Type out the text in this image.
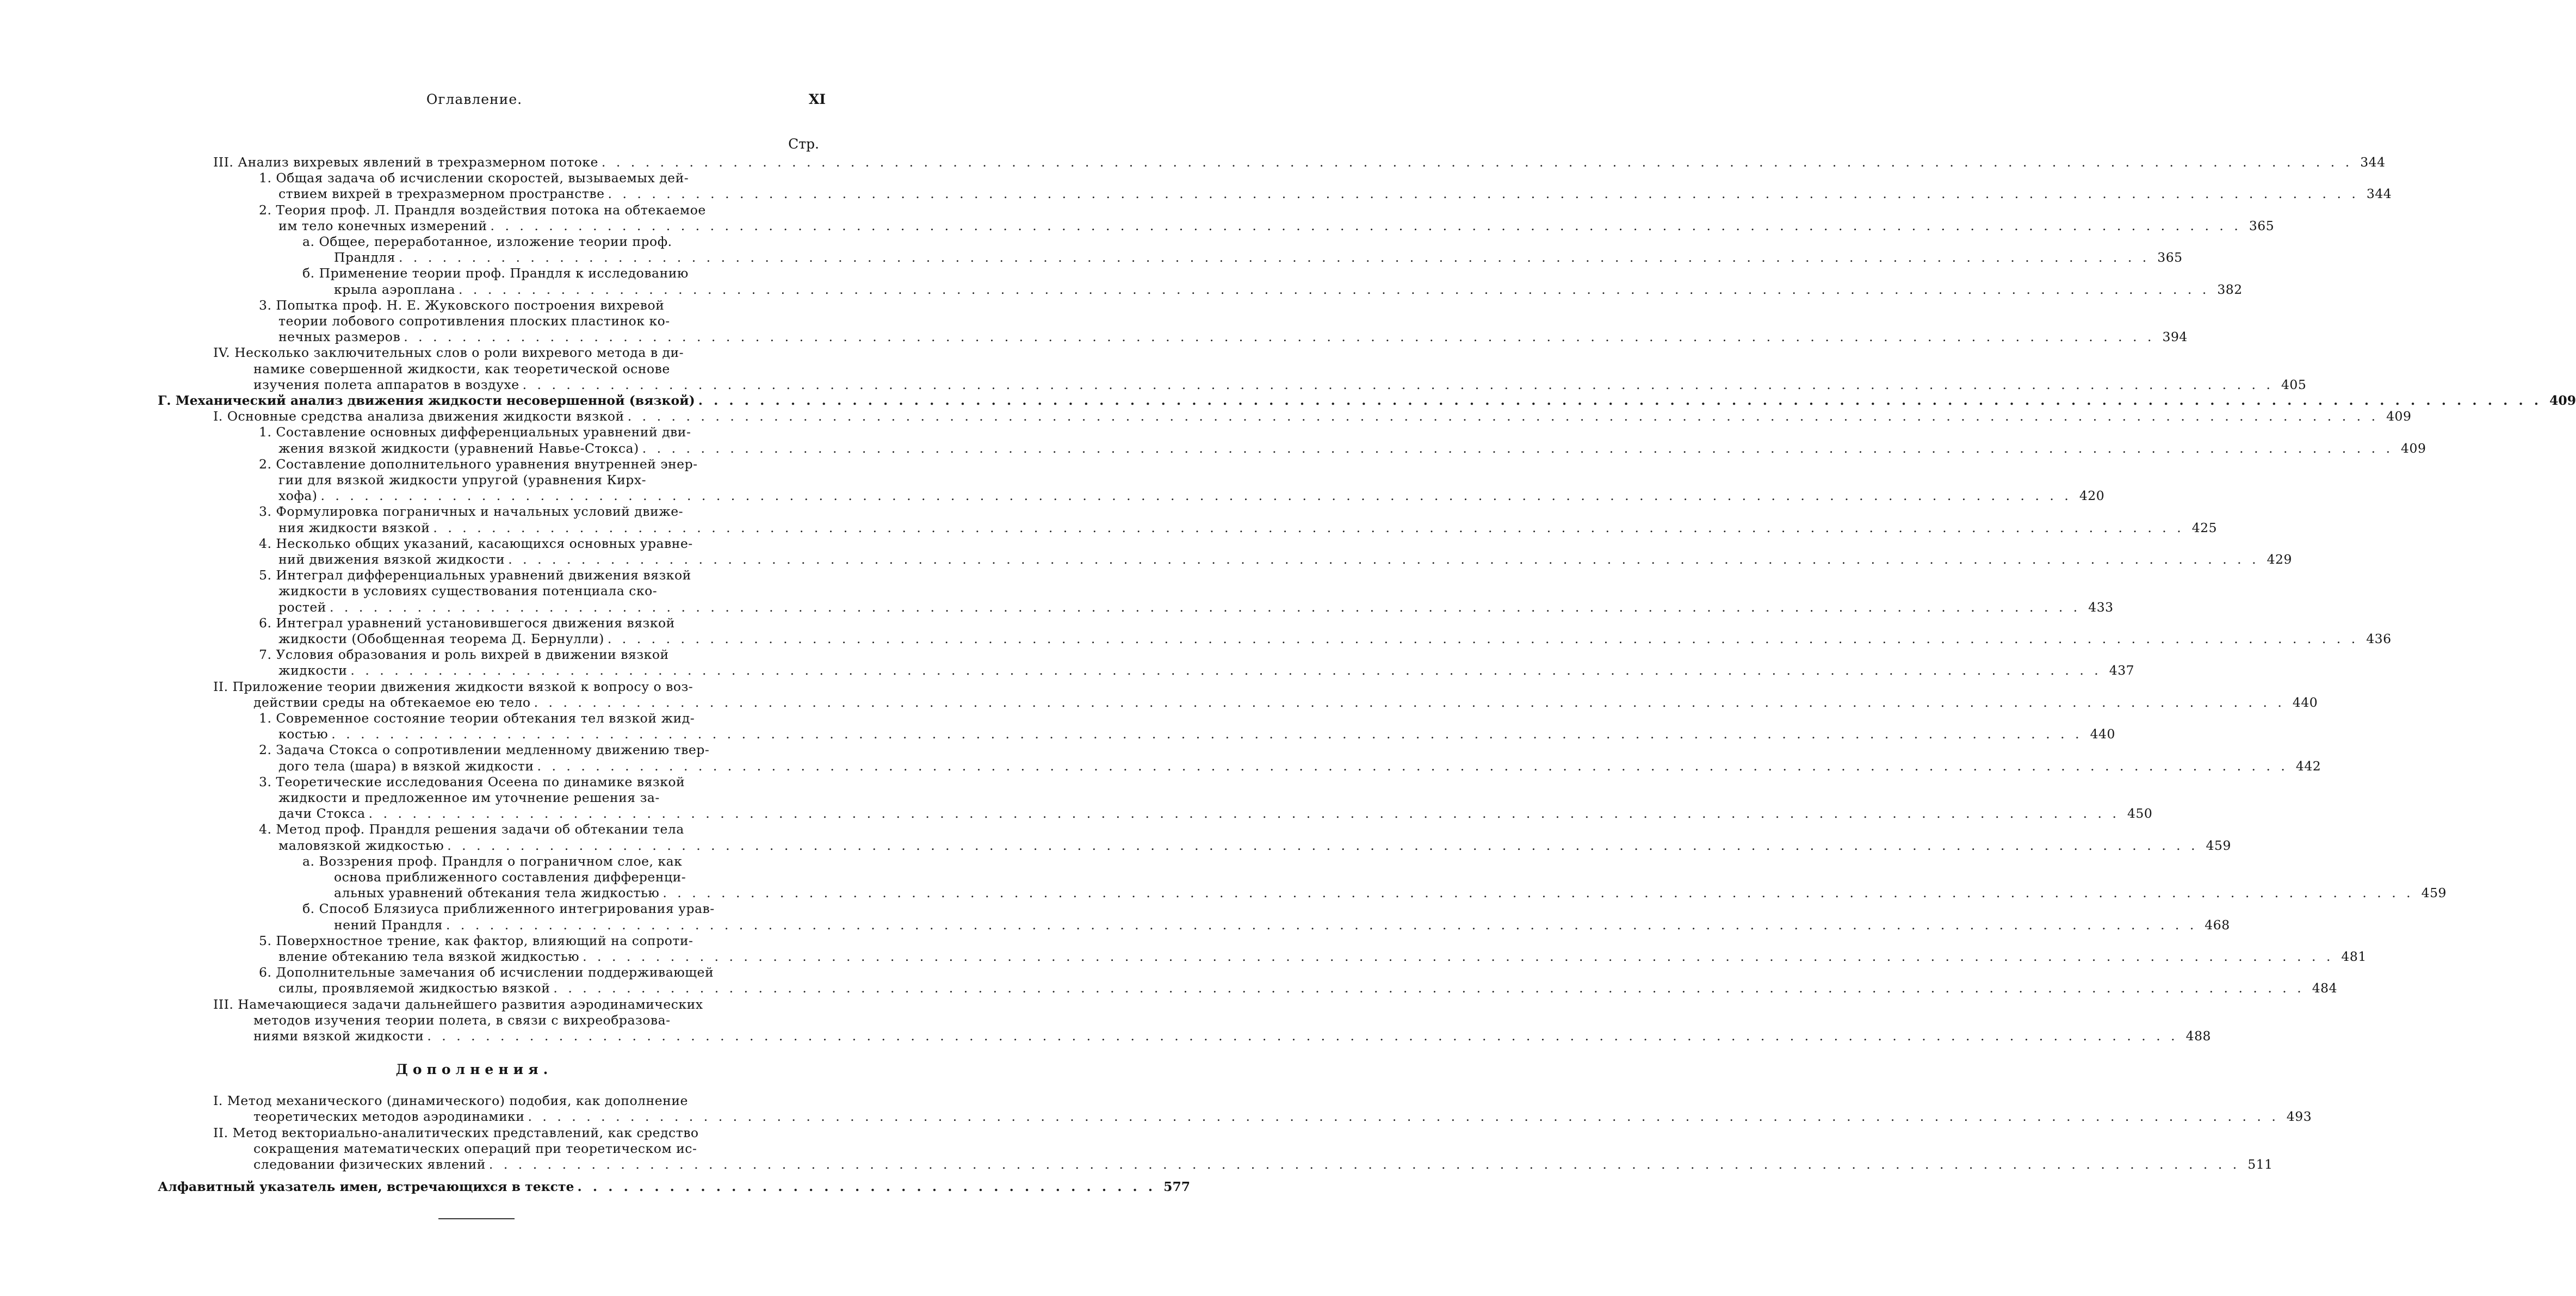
Оглавление.	XI
Стр.
III. Анализ вихревых явлений в трехразмерном потоке . . . . . . . . . . . . . . . . . . . . . . . . . . . . . . . . . . . . . . . . . . . . . . . . . . . . . . . . . . . . . . . . . . . . . . . . . . . . . . . . . . . . . . . . . . . . . . . . . . . . . . . . . . . . . . . . . . . . . . . . 344
1. Общая задача об исчислении скоростей, вызываемых дей-
ствием вихрей в трехразмерном пространстве . . . . . . . . . . . . . . . . . . . . . . . . . . . . . . . . . . . . . . . . . . . . . . . . . . . . . . . . . . . . . . . . . . . . . . . . . . . . . . . . . . . . . . . . . . . . . . . . . . . . . . . . . . . . . . . . . . . . . . . . 344
2. Теория проф. Л. Прандля воздействия потока на обтекаемое
им тело конечных измерений . . . . . . . . . . . . . . . . . . . . . . . . . . . . . . . . . . . . . . . . . . . . . . . . . . . . . . . . . . . . . . . . . . . . . . . . . . . . . . . . . . . . . . . . . . . . . . . . . . . . . . . . . . . . . . . . . . . . . . . . 365
а. Общее, переработанное, изложение теории проф.
Прандля . . . . . . . . . . . . . . . . . . . . . . . . . . . . . . . . . . . . . . . . . . . . . . . . . . . . . . . . . . . . . . . . . . . . . . . . . . . . . . . . . . . . . . . . . . . . . . . . . . . . . . . . . . . . . . . . . . . . . . . . 365
б. Применение теории проф. Прандля к исследованию
крыла аэроплана . . . . . . . . . . . . . . . . . . . . . . . . . . . . . . . . . . . . . . . . . . . . . . . . . . . . . . . . . . . . . . . . . . . . . . . . . . . . . . . . . . . . . . . . . . . . . . . . . . . . . . . . . . . . . . . . . . . . . . . . 382
3. Попытка проф. Н. Е. Жуковского построения вихревой
теории лобового сопротивления плоских пластинок ко-
нечных размеров . . . . . . . . . . . . . . . . . . . . . . . . . . . . . . . . . . . . . . . . . . . . . . . . . . . . . . . . . . . . . . . . . . . . . . . . . . . . . . . . . . . . . . . . . . . . . . . . . . . . . . . . . . . . . . . . . . . . . . . . 394
IV. Несколько заключительных слов о роли вихревого метода в ди-
намике совершенной жидкости, как теоретической основе
изучения полета аппаратов в воздухе . . . . . . . . . . . . . . . . . . . . . . . . . . . . . . . . . . . . . . . . . . . . . . . . . . . . . . . . . . . . . . . . . . . . . . . . . . . . . . . . . . . . . . . . . . . . . . . . . . . . . . . . . . . . . . . . . . . . . . . . 405
Г. Механический анализ движения жидкости несовершенной (вязкой) . . . . . . . . . . . . . . . . . . . . . . . . . . . . . . . . . . . . . . . . . . . . . . . . . . . . . . . . . . . . . . . . . . . . . . . . . . . . . . . . . . . . . . . . . . . . . . . . . . . . . . . . . . . . . . . . . . . . . . . . 409
I. Основные средства анализа движения жидкости вязкой . . . . . . . . . . . . . . . . . . . . . . . . . . . . . . . . . . . . . . . . . . . . . . . . . . . . . . . . . . . . . . . . . . . . . . . . . . . . . . . . . . . . . . . . . . . . . . . . . . . . . . . . . . . . . . . . . . . . . . . . 409
1. Составление основных дифференциальных уравнений дви-
жения вязкой жидкости (уравнений Навье-Стокса) . . . . . . . . . . . . . . . . . . . . . . . . . . . . . . . . . . . . . . . . . . . . . . . . . . . . . . . . . . . . . . . . . . . . . . . . . . . . . . . . . . . . . . . . . . . . . . . . . . . . . . . . . . . . . . . . . . . . . . . . 409
2. Составление дополнительного уравнения внутренней энер-
гии для вязкой жидкости упругой (уравнения Кирх-
хофа) . . . . . . . . . . . . . . . . . . . . . . . . . . . . . . . . . . . . . . . . . . . . . . . . . . . . . . . . . . . . . . . . . . . . . . . . . . . . . . . . . . . . . . . . . . . . . . . . . . . . . . . . . . . . . . . . . . . . . . . . 420
3. Формулировка пограничных и начальных условий движе-
ния жидкости вязкой . . . . . . . . . . . . . . . . . . . . . . . . . . . . . . . . . . . . . . . . . . . . . . . . . . . . . . . . . . . . . . . . . . . . . . . . . . . . . . . . . . . . . . . . . . . . . . . . . . . . . . . . . . . . . . . . . . . . . . . . 425
4. Несколько общих указаний, касающихся основных уравне-
ний движения вязкой жидкости . . . . . . . . . . . . . . . . . . . . . . . . . . . . . . . . . . . . . . . . . . . . . . . . . . . . . . . . . . . . . . . . . . . . . . . . . . . . . . . . . . . . . . . . . . . . . . . . . . . . . . . . . . . . . . . . . . . . . . . . 429
5. Интеграл дифференциальных уравнений движения вязкой
жидкости в условиях существования потенциала ско-
ростей . . . . . . . . . . . . . . . . . . . . . . . . . . . . . . . . . . . . . . . . . . . . . . . . . . . . . . . . . . . . . . . . . . . . . . . . . . . . . . . . . . . . . . . . . . . . . . . . . . . . . . . . . . . . . . . . . . . . . . . . 433
6. Интеграл уравнений установившегося движения вязкой
жидкости (Обобщенная теорема Д. Бернулли) . . . . . . . . . . . . . . . . . . . . . . . . . . . . . . . . . . . . . . . . . . . . . . . . . . . . . . . . . . . . . . . . . . . . . . . . . . . . . . . . . . . . . . . . . . . . . . . . . . . . . . . . . . . . . . . . . . . . . . . . 436
7. Условия образования и роль вихрей в движении вязкой
жидкости . . . . . . . . . . . . . . . . . . . . . . . . . . . . . . . . . . . . . . . . . . . . . . . . . . . . . . . . . . . . . . . . . . . . . . . . . . . . . . . . . . . . . . . . . . . . . . . . . . . . . . . . . . . . . . . . . . . . . . . . 437
II. Приложение теории движения жидкости вязкой к вопросу о воз-
действии среды на обтекаемое ею тело . . . . . . . . . . . . . . . . . . . . . . . . . . . . . . . . . . . . . . . . . . . . . . . . . . . . . . . . . . . . . . . . . . . . . . . . . . . . . . . . . . . . . . . . . . . . . . . . . . . . . . . . . . . . . . . . . . . . . . . . 440
1. Современное состояние теории обтекания тел вязкой жид-
костью . . . . . . . . . . . . . . . . . . . . . . . . . . . . . . . . . . . . . . . . . . . . . . . . . . . . . . . . . . . . . . . . . . . . . . . . . . . . . . . . . . . . . . . . . . . . . . . . . . . . . . . . . . . . . . . . . . . . . . . . 440
2. Задача Стокса о сопротивлении медленному движению твер-
дого тела (шара) в вязкой жидкости . . . . . . . . . . . . . . . . . . . . . . . . . . . . . . . . . . . . . . . . . . . . . . . . . . . . . . . . . . . . . . . . . . . . . . . . . . . . . . . . . . . . . . . . . . . . . . . . . . . . . . . . . . . . . . . . . . . . . . . . 442
3. Теоретические исследования Осеена по динамике вязкой
жидкости и предложенное им уточнение решения за-
дачи Стокса . . . . . . . . . . . . . . . . . . . . . . . . . . . . . . . . . . . . . . . . . . . . . . . . . . . . . . . . . . . . . . . . . . . . . . . . . . . . . . . . . . . . . . . . . . . . . . . . . . . . . . . . . . . . . . . . . . . . . . . . 450
4. Метод проф. Прандля решения задачи об обтекании тела
маловязкой жидкостью . . . . . . . . . . . . . . . . . . . . . . . . . . . . . . . . . . . . . . . . . . . . . . . . . . . . . . . . . . . . . . . . . . . . . . . . . . . . . . . . . . . . . . . . . . . . . . . . . . . . . . . . . . . . . . . . . . . . . . . . 459
а. Воззрения проф. Прандля о пограничном слое, как
основа приближенного составления дифференци-
альных уравнений обтекания тела жидкостью . . . . . . . . . . . . . . . . . . . . . . . . . . . . . . . . . . . . . . . . . . . . . . . . . . . . . . . . . . . . . . . . . . . . . . . . . . . . . . . . . . . . . . . . . . . . . . . . . . . . . . . . . . . . . . . . . . . . . . . . 459
б. Способ Блязиуса приближенного интегрирования урав-
нений Прандля . . . . . . . . . . . . . . . . . . . . . . . . . . . . . . . . . . . . . . . . . . . . . . . . . . . . . . . . . . . . . . . . . . . . . . . . . . . . . . . . . . . . . . . . . . . . . . . . . . . . . . . . . . . . . . . . . . . . . . . . 468
5. Поверхностное трение, как фактор, влияющий на сопроти-
вление обтеканию тела вязкой жидкостью . . . . . . . . . . . . . . . . . . . . . . . . . . . . . . . . . . . . . . . . . . . . . . . . . . . . . . . . . . . . . . . . . . . . . . . . . . . . . . . . . . . . . . . . . . . . . . . . . . . . . . . . . . . . . . . . . . . . . . . . 481
6. Дополнительные замечания об исчислении поддерживающей
силы, проявляемой жидкостью вязкой . . . . . . . . . . . . . . . . . . . . . . . . . . . . . . . . . . . . . . . . . . . . . . . . . . . . . . . . . . . . . . . . . . . . . . . . . . . . . . . . . . . . . . . . . . . . . . . . . . . . . . . . . . . . . . . . . . . . . . . . 484
III. Намечающиеся задачи дальнейшего развития аэродинамических
методов изучения теории полета, в связи с вихреобразова-
ниями вязкой жидкости . . . . . . . . . . . . . . . . . . . . . . . . . . . . . . . . . . . . . . . . . . . . . . . . . . . . . . . . . . . . . . . . . . . . . . . . . . . . . . . . . . . . . . . . . . . . . . . . . . . . . . . . . . . . . . . . . . . . . . . . 488
Дополнения.
I. Метод механического (динамического) подобия, как дополнение
теоретических методов аэродинамики . . . . . . . . . . . . . . . . . . . . . . . . . . . . . . . . . . . . . . . . . . . . . . . . . . . . . . . . . . . . . . . . . . . . . . . . . . . . . . . . . . . . . . . . . . . . . . . . . . . . . . . . . . . . . . . . . . . . . . . . 493
II. Метод векториально-аналитических представлений, как средство
сокращения математических операций при теоретическом ис-
следовании физических явлений . . . . . . . . . . . . . . . . . . . . . . . . . . . . . . . . . . . . . . . . . . . . . . . . . . . . . . . . . . . . . . . . . . . . . . . . . . . . . . . . . . . . . . . . . . . . . . . . . . . . . . . . . . . . . . . . . . . . . . . . 511
Алфавитный указатель имен, встречающихся в тексте . . . . . . . . . . . . . . . . . . . . . . . . . . . . . . . . . . . . . . 577
